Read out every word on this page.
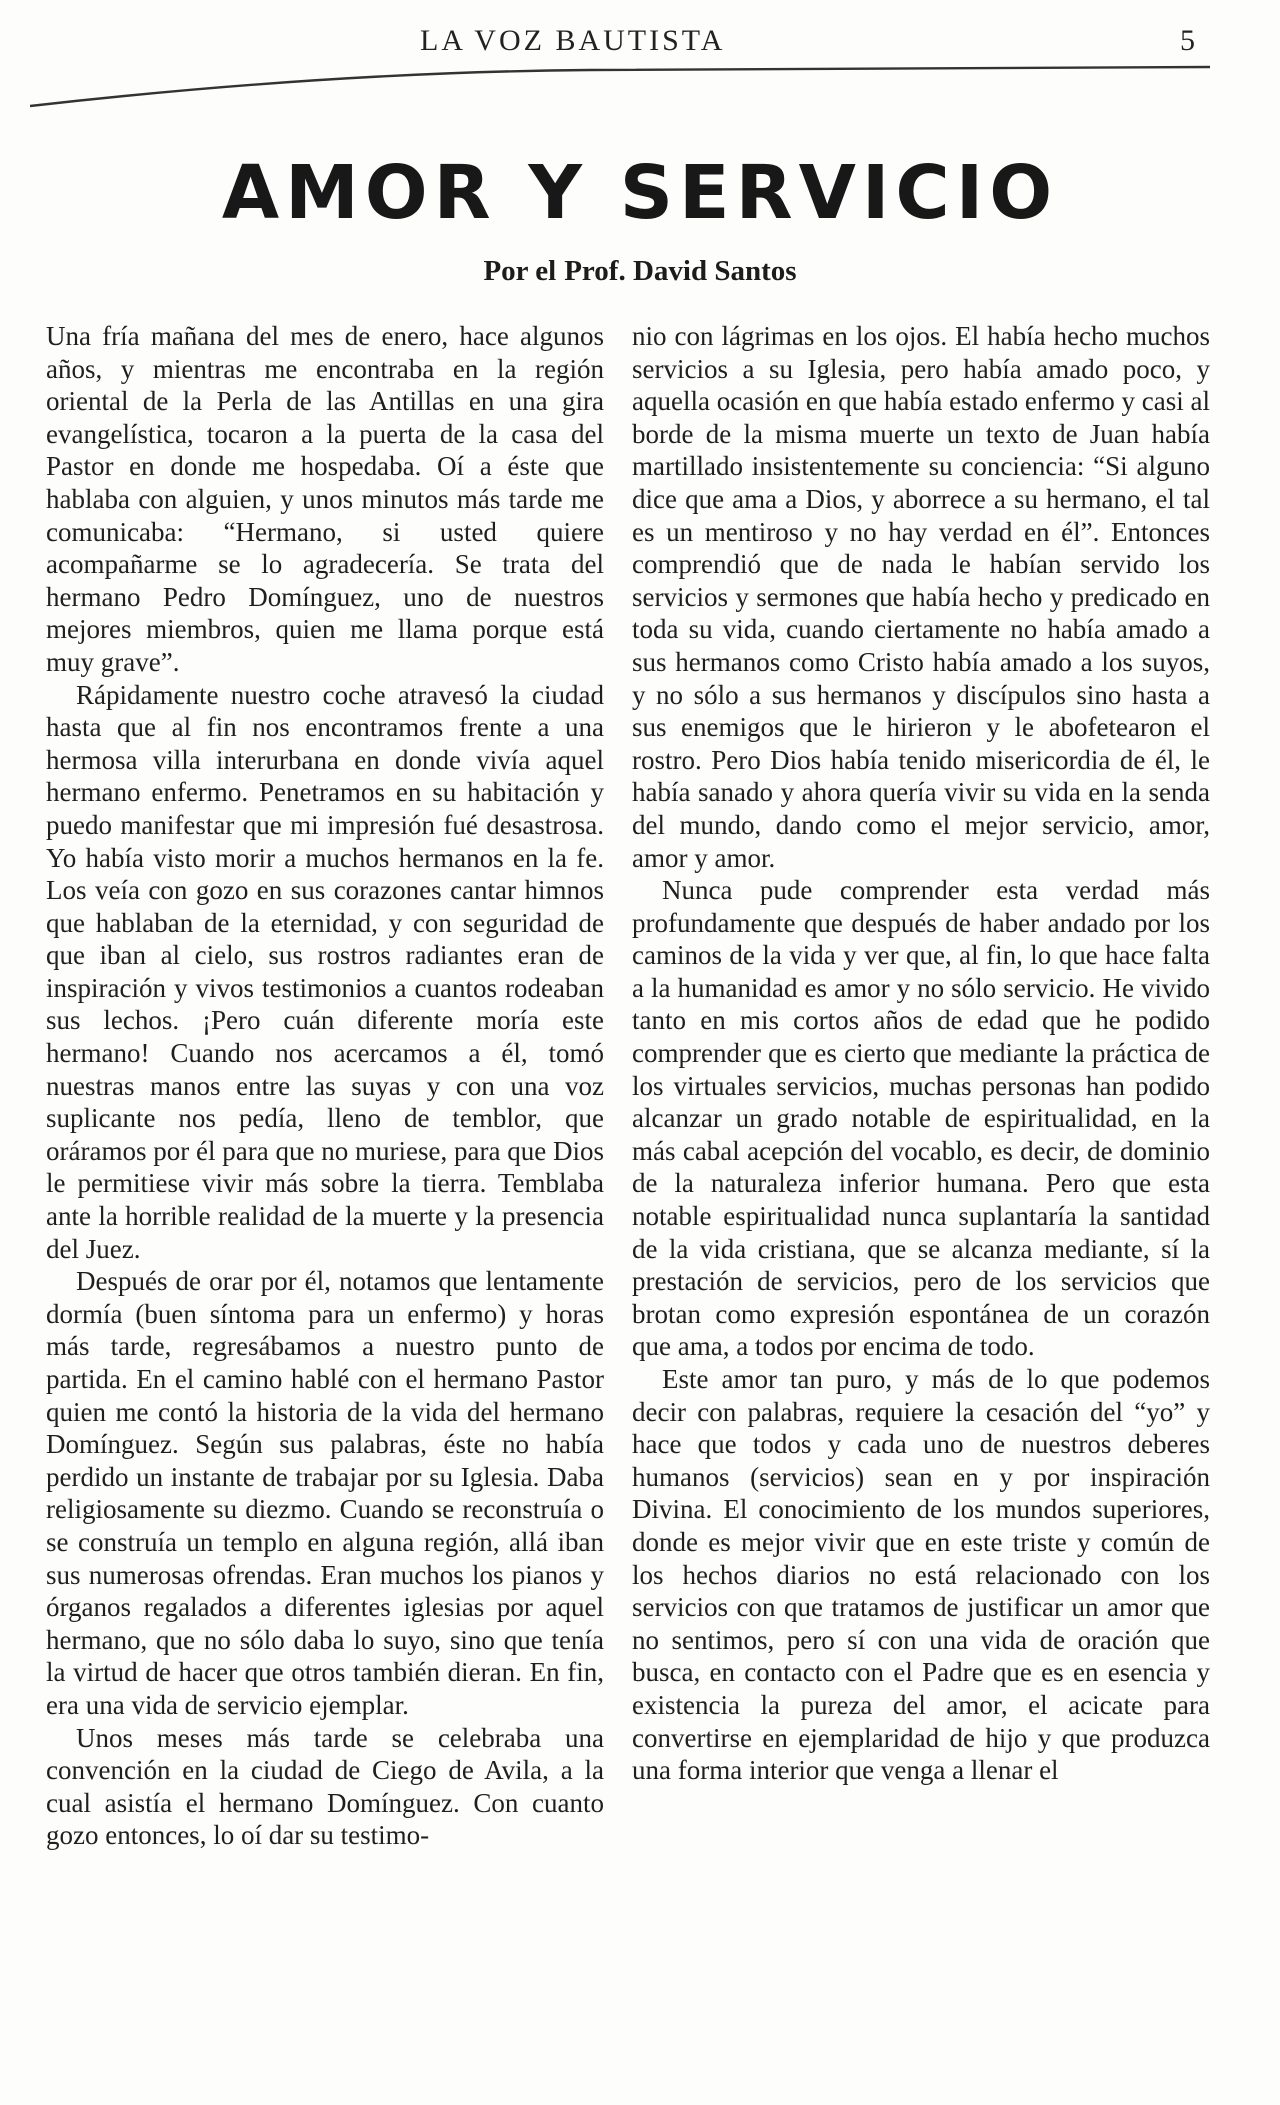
LA VOZ BAUTISTA	5
AMOR Y SERVICIO
Por el Prof. David Santos

Una fría mañana del mes de enero, hace algunos años, y mientras me encontraba en la región oriental de la Perla de las Antillas en una gira evangelística, tocaron a la puerta de la casa del Pastor en donde me hospedaba. Oí a éste que hablaba con alguien, y unos minutos más tarde me comunicaba: “Hermano, si usted quiere acompañarme se lo agradecería. Se trata del hermano Pedro Domínguez, uno de nuestros mejores miembros, quien me llama porque está muy grave”.

Rápidamente nuestro coche atravesó la ciudad hasta que al fin nos encontramos frente a una hermosa villa interurbana en donde vivía aquel hermano enfermo. Penetramos en su habitación y puedo manifestar que mi impresión fué desastrosa. Yo había visto morir a muchos hermanos en la fe. Los veía con gozo en sus corazones cantar himnos que hablaban de la eternidad, y con seguridad de que iban al cielo, sus rostros radiantes eran de inspiración y vivos testimonios a cuantos rodeaban sus lechos. ¡Pero cuán diferente moría este hermano! Cuando nos acercamos a él, tomó nuestras manos entre las suyas y con una voz suplicante nos pedía, lleno de temblor, que oráramos por él para que no muriese, para que Dios le permitiese vivir más sobre la tierra. Temblaba ante la horrible realidad de la muerte y la presencia del Juez.

Después de orar por él, notamos que lentamente dormía (buen síntoma para un enfermo) y horas más tarde, regresábamos a nuestro punto de partida. En el camino hablé con el hermano Pastor quien me contó la historia de la vida del hermano Domínguez. Según sus palabras, éste no había perdido un instante de trabajar por su Iglesia. Daba religiosamente su diezmo. Cuando se reconstruía o se construía un templo en alguna región, allá iban sus numerosas ofrendas. Eran muchos los pianos y órganos regalados a diferentes iglesias por aquel hermano, que no sólo daba lo suyo, sino que tenía la virtud de hacer que otros también dieran. En fin, era una vida de servicio ejemplar.

Unos meses más tarde se celebraba una convención en la ciudad de Ciego de Avila, a la cual asistía el hermano Domínguez. Con cuanto gozo entonces, lo oí dar su testimo-

nio con lágrimas en los ojos. El había hecho muchos servicios a su Iglesia, pero había amado poco, y aquella ocasión en que había estado enfermo y casi al borde de la misma muerte un texto de Juan había martillado insistentemente su conciencia: “Si alguno dice que ama a Dios, y aborrece a su hermano, el tal es un mentiroso y no hay verdad en él”. Entonces comprendió que de nada le habían servido los servicios y sermones que había hecho y predicado en toda su vida, cuando ciertamente no había amado a sus hermanos como Cristo había amado a los suyos, y no sólo a sus hermanos y discípulos sino hasta a sus enemigos que le hirieron y le abofetearon el rostro. Pero Dios había tenido misericordia de él, le había sanado y ahora quería vivir su vida en la senda del mundo, dando como el mejor servicio, amor, amor y amor.

Nunca pude comprender esta verdad más profundamente que después de haber andado por los caminos de la vida y ver que, al fin, lo que hace falta a la humanidad es amor y no sólo servicio. He vivido tanto en mis cortos años de edad que he podido comprender que es cierto que mediante la práctica de los virtuales servicios, muchas personas han podido alcanzar un grado notable de espiritualidad, en la más cabal acepción del vocablo, es decir, de dominio de la naturaleza inferior humana. Pero que esta notable espiritualidad nunca suplantaría la santidad de la vida cristiana, que se alcanza mediante, sí la prestación de servicios, pero de los servicios que brotan como expresión espontánea de un corazón que ama, a todos por encima de todo.

Este amor tan puro, y más de lo que podemos decir con palabras, requiere la cesación del “yo” y hace que todos y cada uno de nuestros deberes humanos (servicios) sean en y por inspiración Divina. El conocimiento de los mundos superiores, donde es mejor vivir que en este triste y común de los hechos diarios no está relacionado con los servicios con que tratamos de justificar un amor que no sentimos, pero sí con una vida de oración que busca, en contacto con el Padre que es en esencia y existencia la pureza del amor, el acicate para convertirse en ejemplaridad de hijo y que produzca una forma interior que venga a llenar el
